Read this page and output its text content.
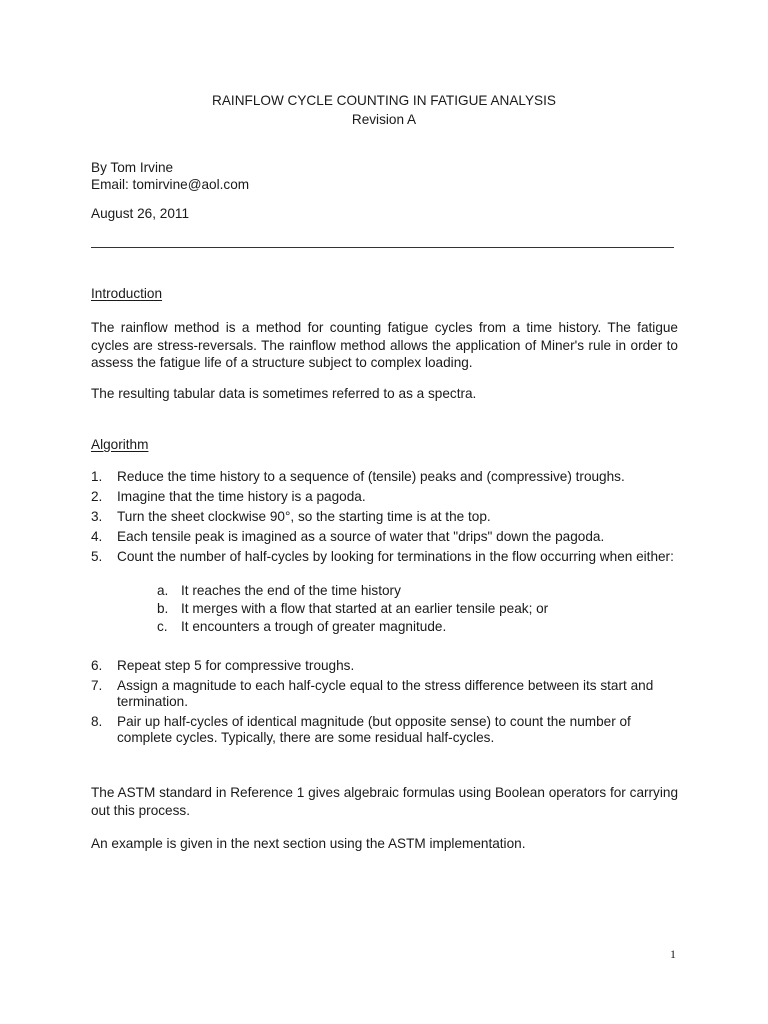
RAINFLOW CYCLE COUNTING IN FATIGUE ANALYSIS
Revision A
By Tom Irvine
Email: tomirvine@aol.com
August 26, 2011
Introduction
The rainflow method is a method for counting fatigue cycles from a time history. The fatigue cycles are stress-reversals. The rainflow method allows the application of Miner's rule in order to assess the fatigue life of a structure subject to complex loading.
The resulting tabular data is sometimes referred to as a spectra.
Algorithm
1. Reduce the time history to a sequence of (tensile) peaks and (compressive) troughs.
2. Imagine that the time history is a pagoda.
3. Turn the sheet clockwise 90°, so the starting time is at the top.
4. Each tensile peak is imagined as a source of water that "drips" down the pagoda.
5. Count the number of half-cycles by looking for terminations in the flow occurring when either:
a. It reaches the end of the time history
b. It merges with a flow that started at an earlier tensile peak; or
c. It encounters a trough of greater magnitude.
6. Repeat step 5 for compressive troughs.
7. Assign a magnitude to each half-cycle equal to the stress difference between its start and termination.
8. Pair up half-cycles of identical magnitude (but opposite sense) to count the number of complete cycles. Typically, there are some residual half-cycles.
The ASTM standard in Reference 1 gives algebraic formulas using Boolean operators for carrying out this process.
An example is given in the next section using the ASTM implementation.
1
